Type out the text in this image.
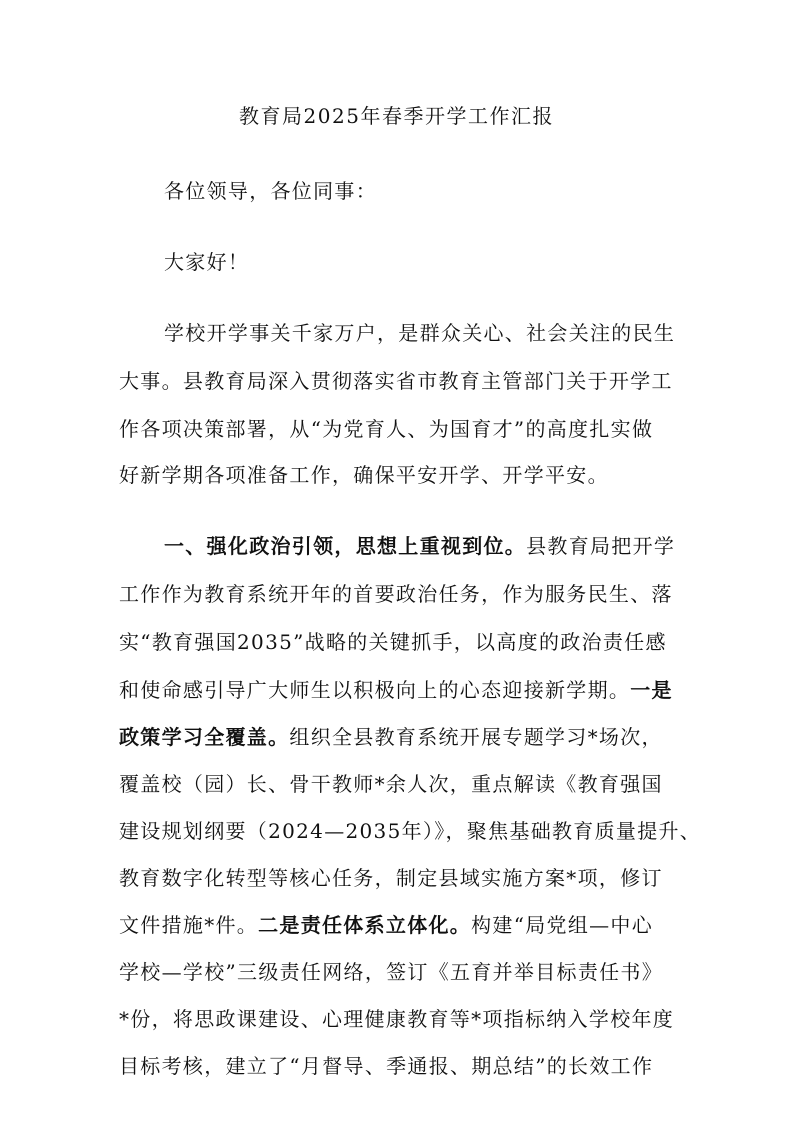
教育局2025年春季开学工作汇报
各位领导，各位同事：
大家好！
学校开学事关千家万户，是群众关心、社会关注的民生
大事。县教育局深入贯彻落实省市教育主管部门关于开学工
作各项决策部署，从“为党育人、为国育才”的高度扎实做
好新学期各项准备工作，确保平安开学、开学平安。
一、强化政治引领，思想上重视到位。县教育局把开学
工作作为教育系统开年的首要政治任务，作为服务民生、落
实“教育强国2035”战略的关键抓手，以高度的政治责任感
和使命感引导广大师生以积极向上的心态迎接新学期。一是
政策学习全覆盖。组织全县教育系统开展专题学习*场次，
覆盖校（园）长、骨干教师*余人次，重点解读《教育强国
建设规划纲要（2024—2035年）》，聚焦基础教育质量提升、
教育数字化转型等核心任务，制定县域实施方案*项，修订
文件措施*件。二是责任体系立体化。构建“局党组—中心
学校—学校”三级责任网络，签订《五育并举目标责任书》
*份，将思政课建设、心理健康教育等*项指标纳入学校年度
目标考核，建立了“月督导、季通报、期总结”的长效工作
